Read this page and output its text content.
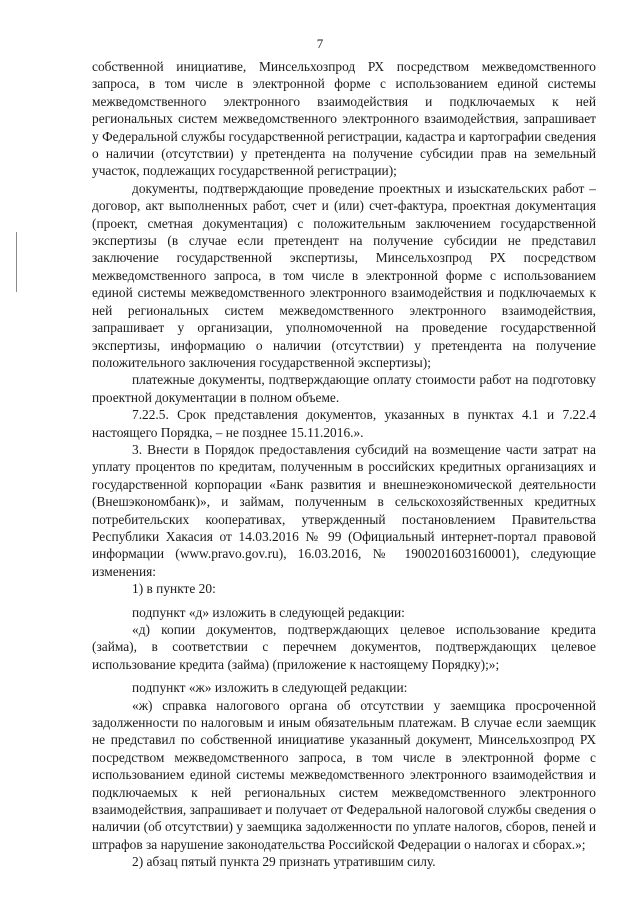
7

собственной инициативе, Минсельхозпрод РХ посредством межведомственного запроса, в том числе в электронной форме с использованием единой системы межведомственного электронного взаимодействия и подключаемых к ней региональных систем межведомственного электронного взаимодействия, запрашивает у Федеральной службы государственной регистрации, кадастра и картографии сведения о наличии (отсутствии) у претендента на получение субсидии прав на земельный участок, подлежащих государственной регистрации);

документы, подтверждающие проведение проектных и изыскательских работ – договор, акт выполненных работ, счет и (или) счет-фактура, проектная документация (проект, сметная документация) с положительным заключением государственной экспертизы (в случае если претендент на получение субсидии не представил заключение государственной экспертизы, Минсельхозпрод РХ посредством межведомственного запроса, в том числе в электронной форме с использованием единой системы межведомственного электронного взаимодействия и подключаемых к ней региональных систем межведомственного электронного взаимодействия, запрашивает у организации, уполномоченной на проведение государственной экспертизы, информацию о наличии (отсутствии) у претендента на получение положительного заключения государственной экспертизы);

платежные документы, подтверждающие оплату стоимости работ на подготовку проектной документации в полном объеме.

7.22.5. Срок представления документов, указанных в пунктах 4.1 и 7.22.4 настоящего Порядка, – не позднее 15.11.2016.».

3. Внести в Порядок предоставления субсидий на возмещение части затрат на уплату процентов по кредитам, полученным в российских кредитных организациях и государственной корпорации «Банк развития и внешнеэкономической деятельности (Внешэкономбанк)», и займам, полученным в сельскохозяйственных кредитных потребительских кооперативах, утвержденный постановлением Правительства Республики Хакасия от 14.03.2016 № 99 (Официальный интернет-портал правовой информации (www.pravo.gov.ru), 16.03.2016, № 1900201603160001), следующие изменения:

1) в пункте 20:

подпункт «д» изложить в следующей редакции:

«д) копии документов, подтверждающих целевое использование кредита (займа), в соответствии с перечнем документов, подтверждающих целевое использование кредита (займа) (приложение к настоящему Порядку);»;

подпункт «ж» изложить в следующей редакции:

«ж) справка налогового органа об отсутствии у заемщика просроченной задолженности по налоговым и иным обязательным платежам. В случае если заемщик не представил по собственной инициативе указанный документ, Минсельхозпрод РХ посредством межведомственного запроса, в том числе в электронной форме с использованием единой системы межведомственного электронного взаимодействия и подключаемых к ней региональных систем межведомственного электронного взаимодействия, запрашивает и получает от Федеральной налоговой службы сведения о наличии (об отсутствии) у заемщика задолженности по уплате налогов, сборов, пеней и штрафов за нарушение законодательства Российской Федерации о налогах и сборах.»;

2) абзац пятый пункта 29 признать утратившим силу.
